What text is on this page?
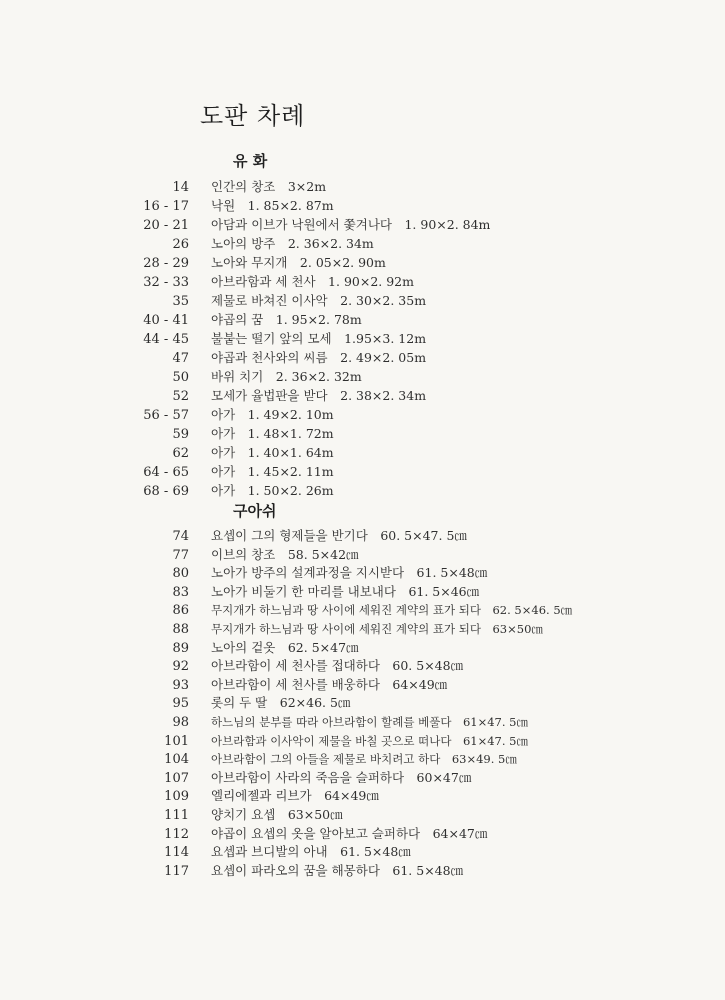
도판 차례
유 화
14	인간의 창조　3×2m
16 - 17	낙원　1. 85×2. 87m
20 - 21	아담과 이브가 낙원에서 쫓겨나다　1. 90×2. 84m
26	노아의 방주　2. 36×2. 34m
28 - 29	노아와 무지개　2. 05×2. 90m
32 - 33	아브라함과 세 천사　1. 90×2. 92m
35	제물로 바쳐진 이사악　2. 30×2. 35m
40 - 41	야곱의 꿈　1. 95×2. 78m
44 - 45	불붙는 떨기 앞의 모세　1.95×3. 12m
47	야곱과 천사와의 씨름　2. 49×2. 05m
50	바위 치기　2. 36×2. 32m
52	모세가 율법판을 받다　2. 38×2. 34m
56 - 57	아가　1. 49×2. 10m
59	아가　1. 48×1. 72m
62	아가　1. 40×1. 64m
64 - 65	아가　1. 45×2. 11m
68 - 69	아가　1. 50×2. 26m
구아쉬
74	요셉이 그의 형제들을 반기다　60. 5×47. 5㎝
77	이브의 창조　58. 5×42㎝
80	노아가 방주의 설계과정을 지시받다　61. 5×48㎝
83	노아가 비둘기 한 마리를 내보내다　61. 5×46㎝
86	무지개가 하느님과 땅 사이에 세워진 계약의 표가 되다　62. 5×46. 5㎝
88	무지개가 하느님과 땅 사이에 세워진 계약의 표가 되다　63×50㎝
89	노아의 겉옷　62. 5×47㎝
92	아브라함이 세 천사를 접대하다　60. 5×48㎝
93	아브라함이 세 천사를 배웅하다　64×49㎝
95	롯의 두 딸　62×46. 5㎝
98	하느님의 분부를 따라 아브라함이 할례를 베풀다　61×47. 5㎝
101	아브라함과 이사악이 제물을 바칠 곳으로 떠나다　61×47. 5㎝
104	아브라함이 그의 아들을 제물로 바치려고 하다　63×49. 5㎝
107	아브라함이 사라의 죽음을 슬퍼하다　60×47㎝
109	엘리에젤과 리브가　64×49㎝
111	양치기 요셉　63×50㎝
112	야곱이 요셉의 옷을 알아보고 슬퍼하다　64×47㎝
114	요셉과 브디발의 아내　61. 5×48㎝
117	요셉이 파라오의 꿈을 해몽하다　61. 5×48㎝
